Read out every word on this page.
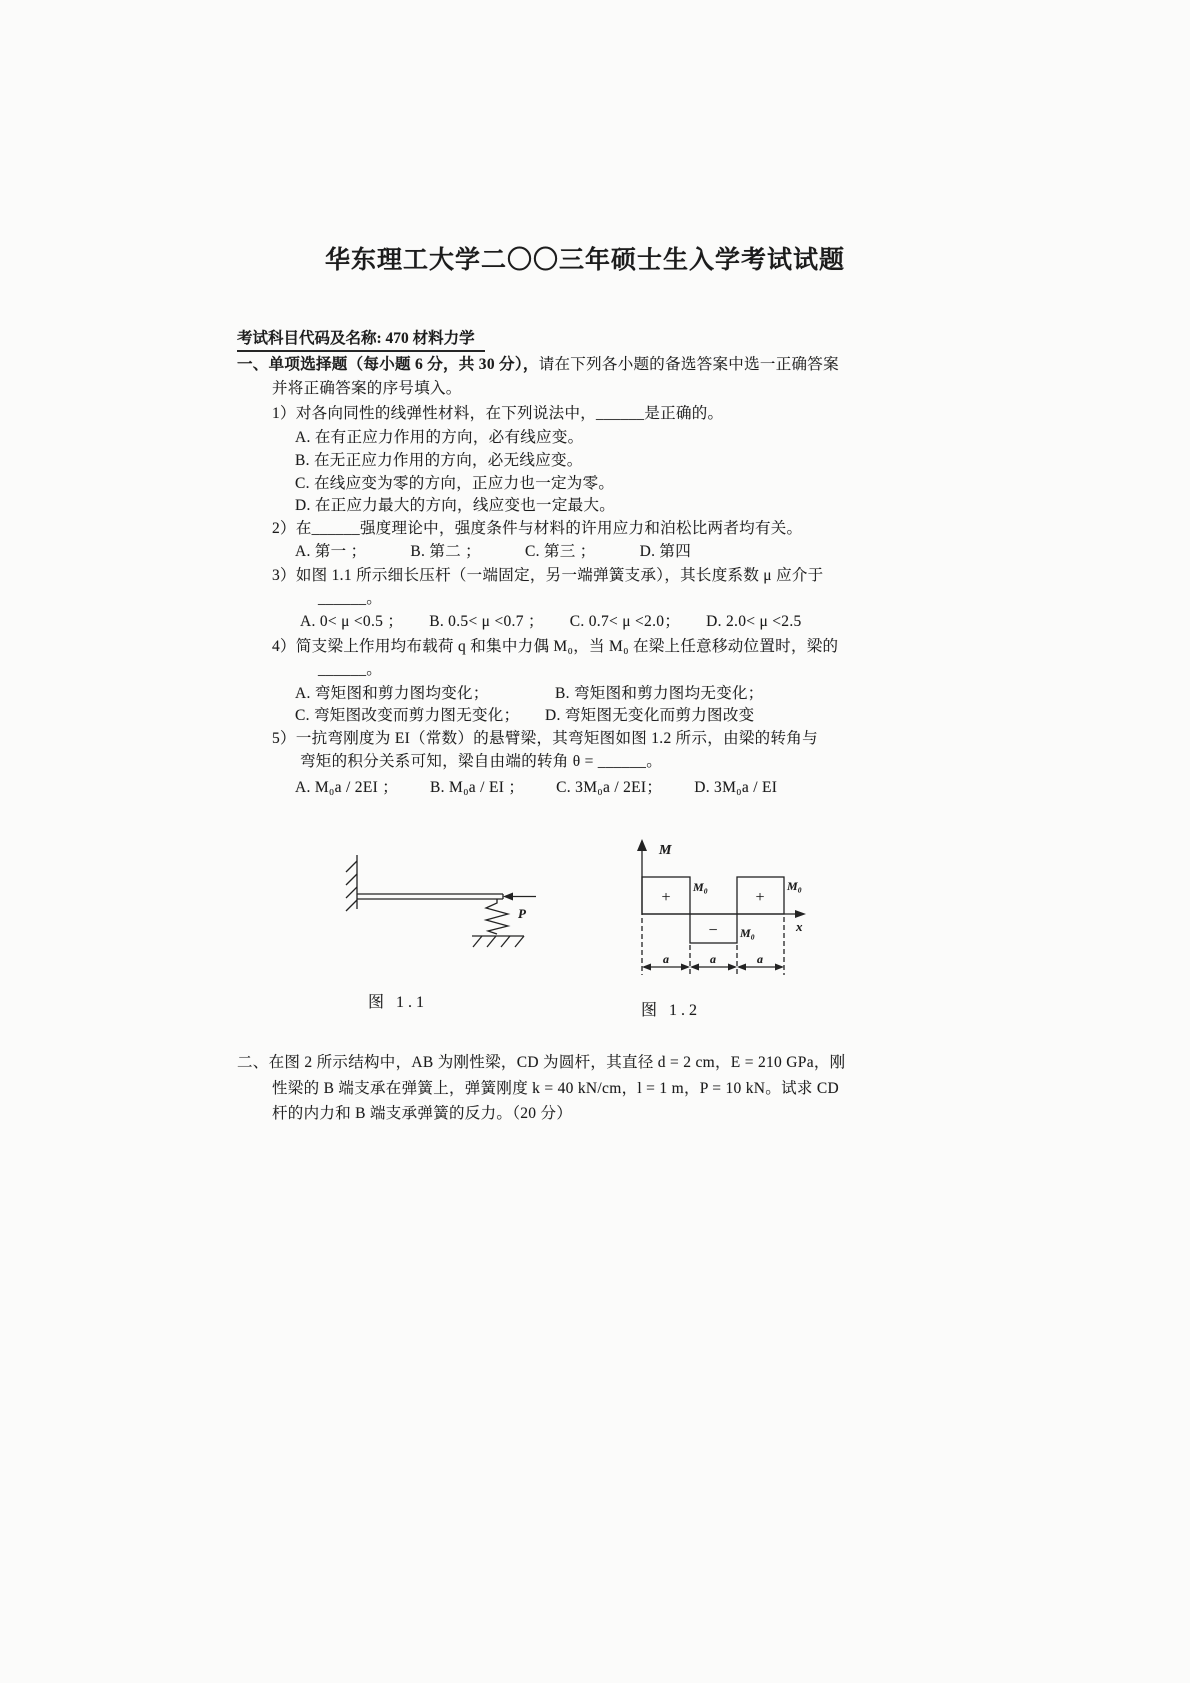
华东理工大学二〇〇三年硕士生入学考试试题
考试科目代码及名称: 470 材料力学
一、单项选择题（每小题 6 分，共 30 分），请在下列各小题的备选答案中选一正确答案
并将正确答案的序号填入。
1）对各向同性的线弹性材料，在下列说法中，______是正确的。
A. 在有正应力作用的方向，必有线应变。
B. 在无正应力作用的方向，必无线应变。
C. 在线应变为零的方向，正应力也一定为零。
D. 在正应力最大的方向，线应变也一定最大。
2）在______强度理论中，强度条件与材料的许用应力和泊松比两者均有关。
A. 第一 ；	B. 第二 ；	C. 第三 ；	D. 第四
3）如图 1.1 所示细长压杆（一端固定，另一端弹簧支承），其长度系数 μ 应介于
______。
A. 0< μ <0.5 ； B. 0.5< μ <0.7 ； C. 0.7< μ <2.0； D. 2.0< μ <2.5
4）简支梁上作用均布载荷 q 和集中力偶 M₀，当 M₀ 在梁上任意移动位置时，梁的
______。
A. 弯矩图和剪力图均变化；	B. 弯矩图和剪力图均无变化；
C. 弯矩图改变而剪力图无变化； D. 弯矩图无变化而剪力图改变
5）一抗弯刚度为 EI（常数）的悬臂梁，其弯矩图如图 1.2 所示，由梁的转角与
弯矩的积分关系可知，梁自由端的转角 θ = ______。
A. M₀a / 2EI ； B. M₀a / EI ； C. 3M₀a / 2EI； D. 3M₀a / EI
P
图 1.1
M
x
+
−
+
M₀	M₀
M₀
a	a	a
图 1.2
二、在图 2 所示结构中，AB 为刚性梁，CD 为圆杆，其直径 d = 2 cm，E = 210 GPa，刚
性梁的 B 端支承在弹簧上，弹簧刚度 k = 40 kN/cm，l = 1 m，P = 10 kN。试求 CD
杆的内力和 B 端支承弹簧的反力。（20 分）
